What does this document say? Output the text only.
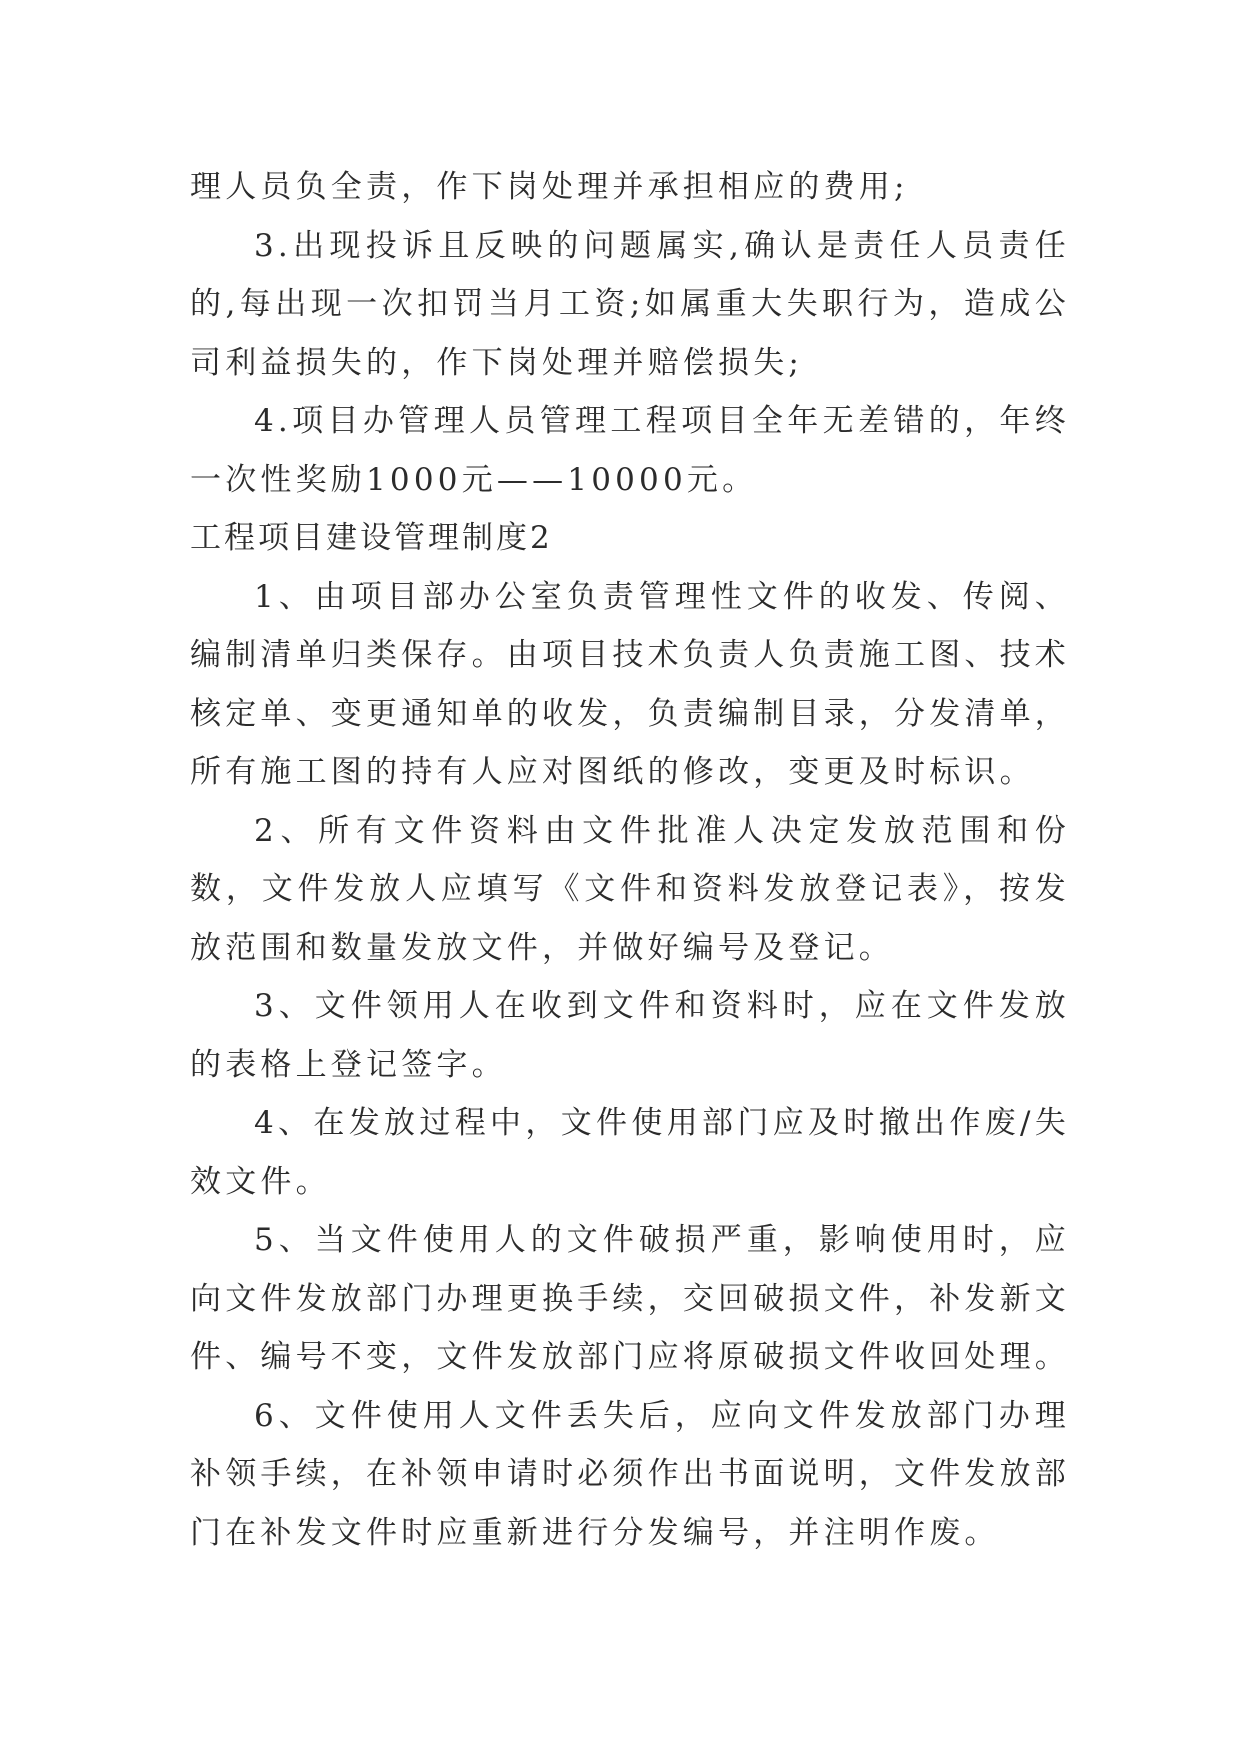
理人员负全责，作下岗处理并承担相应的费用;

3.出现投诉且反映的问题属实,确认是责任人员责任的,每出现一次扣罚当月工资;如属重大失职行为，造成公司利益损失的，作下岗处理并赔偿损失;

4.项目办管理人员管理工程项目全年无差错的，年终一次性奖励1000元——10000元。

工程项目建设管理制度2

1、由项目部办公室负责管理性文件的收发、传阅、编制清单归类保存。由项目技术负责人负责施工图、技术核定单、变更通知单的收发，负责编制目录，分发清单，所有施工图的持有人应对图纸的修改，变更及时标识。

2、所有文件资料由文件批准人决定发放范围和份数，文件发放人应填写《文件和资料发放登记表》，按发放范围和数量发放文件，并做好编号及登记。

3、文件领用人在收到文件和资料时，应在文件发放的表格上登记签字。

4、在发放过程中，文件使用部门应及时撤出作废/失效文件。

5、当文件使用人的文件破损严重，影响使用时，应向文件发放部门办理更换手续，交回破损文件，补发新文件、编号不变，文件发放部门应将原破损文件收回处理。

6、文件使用人文件丢失后，应向文件发放部门办理补领手续，在补领申请时必须作出书面说明，文件发放部门在补发文件时应重新进行分发编号，并注明作废。
